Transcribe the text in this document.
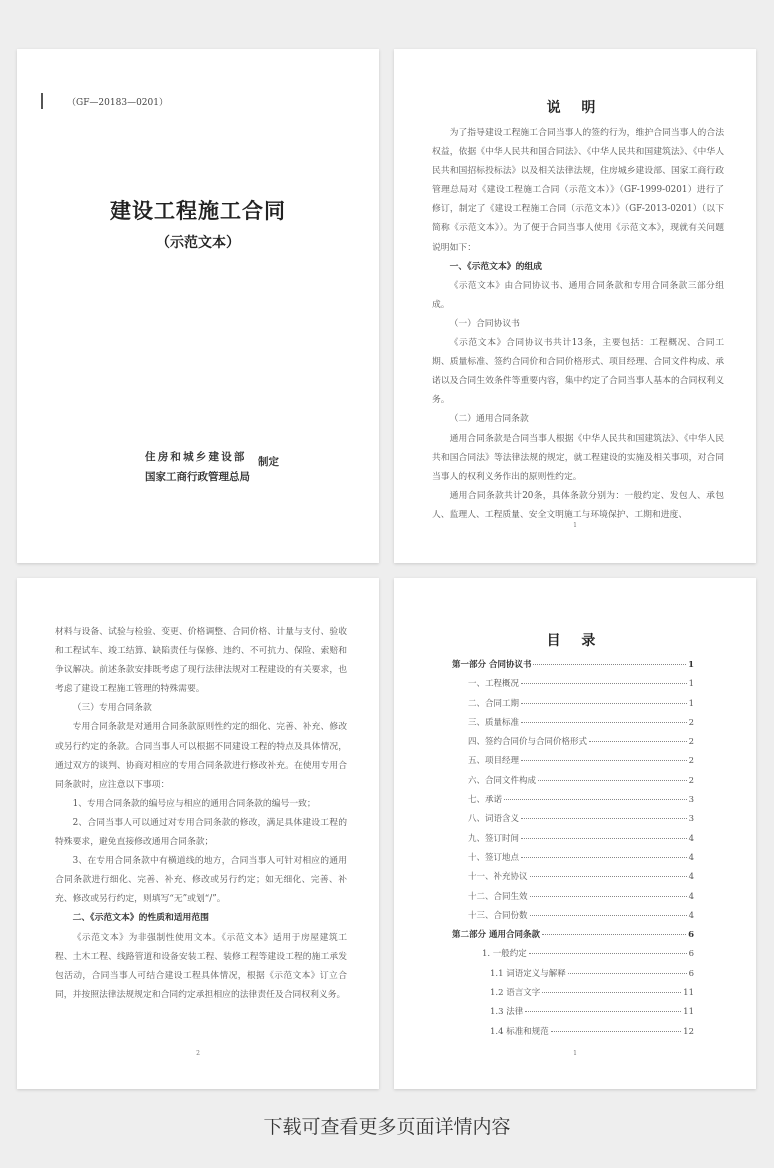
（GF—20183—0201）
建设工程施工合同
（示范文本）
住房和城乡建设部
国家工商行政管理总局
制定
说 明

为了指导建设工程施工合同当事人的签约行为，维护合同当事人的合法权益，依据《中华人民共和国合同法》、《中华人民共和国建筑法》、《中华人民共和国招标投标法》以及相关法律法规，住房城乡建设部、国家工商行政管理总局对《建设工程施工合同（示范文本）》（GF-1999-0201）进行了修订，制定了《建设工程施工合同（示范文本）》（GF-2013-0201）（以下简称《示范文本》）。为了便于合同当事人使用《示范文本》，现就有关问题说明如下：

一、《示范文本》的组成

《示范文本》由合同协议书、通用合同条款和专用合同条款三部分组成。

（一）合同协议书

《示范文本》合同协议书共计13条，主要包括：工程概况、合同工期、质量标准、签约合同价和合同价格形式、项目经理、合同文件构成、承诺以及合同生效条件等重要内容，集中约定了合同当事人基本的合同权利义务。

（二）通用合同条款

通用合同条款是合同当事人根据《中华人民共和国建筑法》、《中华人民共和国合同法》等法律法规的规定，就工程建设的实施及相关事项，对合同当事人的权利义务作出的原则性约定。

通用合同条款共计20条，具体条款分别为：一般约定、发包人、承包人、监理人、工程质量、安全文明施工与环境保护、工期和进度、

1

材料与设备、试验与检验、变更、价格调整、合同价格、计量与支付、验收和工程试车、竣工结算、缺陷责任与保修、违约、不可抗力、保险、索赔和争议解决。前述条款安排既考虑了现行法律法规对工程建设的有关要求，也考虑了建设工程施工管理的特殊需要。

（三）专用合同条款

专用合同条款是对通用合同条款原则性约定的细化、完善、补充、修改或另行约定的条款。合同当事人可以根据不同建设工程的特点及具体情况，通过双方的谈判、协商对相应的专用合同条款进行修改补充。在使用专用合同条款时，应注意以下事项：

1、专用合同条款的编号应与相应的通用合同条款的编号一致；

2、合同当事人可以通过对专用合同条款的修改，满足具体建设工程的特殊要求，避免直接修改通用合同条款；

3、在专用合同条款中有横道线的地方，合同当事人可针对相应的通用合同条款进行细化、完善、补充、修改或另行约定；如无细化、完善、补充、修改或另行约定，则填写“无”或划“/”。

二、《示范文本》的性质和适用范围

《示范文本》为非强制性使用文本。《示范文本》适用于房屋建筑工程、土木工程、线路管道和设备安装工程、装修工程等建设工程的施工承发包活动，合同当事人可结合建设工程具体情况，根据《示范文本》订立合同，并按照法律法规规定和合同约定承担相应的法律责任及合同权利义务。

2
目 录
第一部分 合同协议书	1
一、工程概况	1
二、合同工期	1
三、质量标准	2
四、签约合同价与合同价格形式	2
五、项目经理	2
六、合同文件构成	2
七、承诺	3
八、词语含义	3
九、签订时间	4
十、签订地点	4
十一、补充协议	4
十二、合同生效	4
十三、合同份数	4
第二部分 通用合同条款	6
1. 一般约定	6
1.1 词语定义与解释	6
1.2 语言文字	11
1.3 法律	11
1.4 标准和规范	12
1
下载可查看更多页面详情内容
